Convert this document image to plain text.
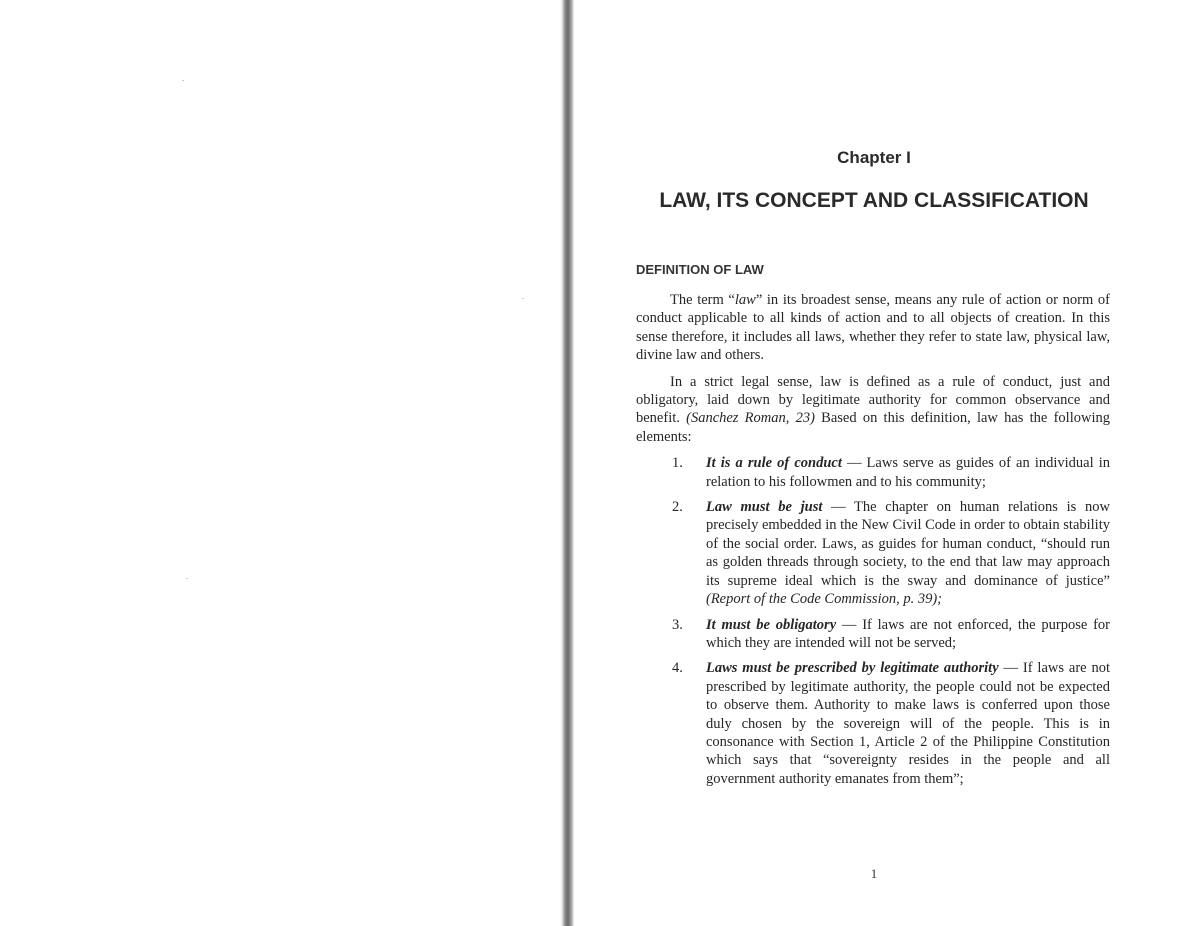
Chapter I
LAW, ITS CONCEPT AND CLASSIFICATION
DEFINITION OF LAW

The term “law” in its broadest sense, means any rule of action or norm of conduct applicable to all kinds of action and to all objects of creation. In this sense therefore, it includes all laws, whether they refer to state law, physical law, divine law and others.

In a strict legal sense, law is defined as a rule of conduct, just and obligatory, laid down by legitimate authority for common observance and benefit. (Sanchez Roman, 23) Based on this definition, law has the following elements:

1. It is a rule of conduct — Laws serve as guides of an individual in relation to his followmen and to his community;
2. Law must be just — The chapter on human relations is now precisely embedded in the New Civil Code in order to obtain stability of the social order. Laws, as guides for human conduct, “should run as golden threads through society, to the end that law may approach its supreme ideal which is the sway and dominance of justice” (Report of the Code Commission, p. 39);
3. It must be obligatory — If laws are not enforced, the purpose for which they are intended will not be served;
4. Laws must be prescribed by legitimate authority — If laws are not prescribed by legitimate authority, the people could not be expected to observe them. Authority to make laws is conferred upon those duly chosen by the sovereign will of the people. This is in consonance with Section 1, Article 2 of the Philippine Constitution which says that “sovereignty resides in the people and all government authority emanates from them”;

1
